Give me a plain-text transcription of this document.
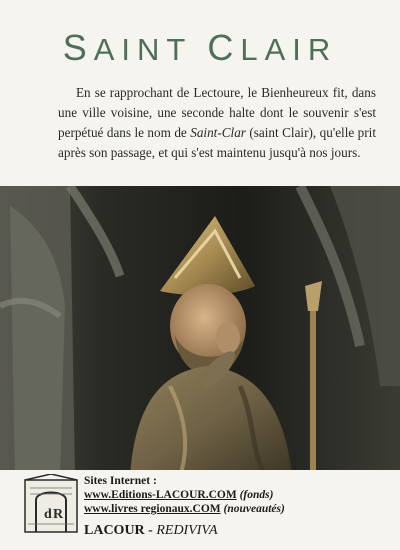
SAINT CLAIR

En se rapprochant de Lectoure, le Bienheureux fit, dans une ville voisine, une seconde halte dont le souvenir s'est perpétué dans le nom de Saint-Clar (saint Clair), qu'elle prit après son passage, et qui s'est maintenu jusqu'à nos jours.

d R
Sites Internet :
www.Editions-LACOUR.COM (fonds)
www.livres regionaux.COM (nouveautés)
LACOUR - REDIVIVA
